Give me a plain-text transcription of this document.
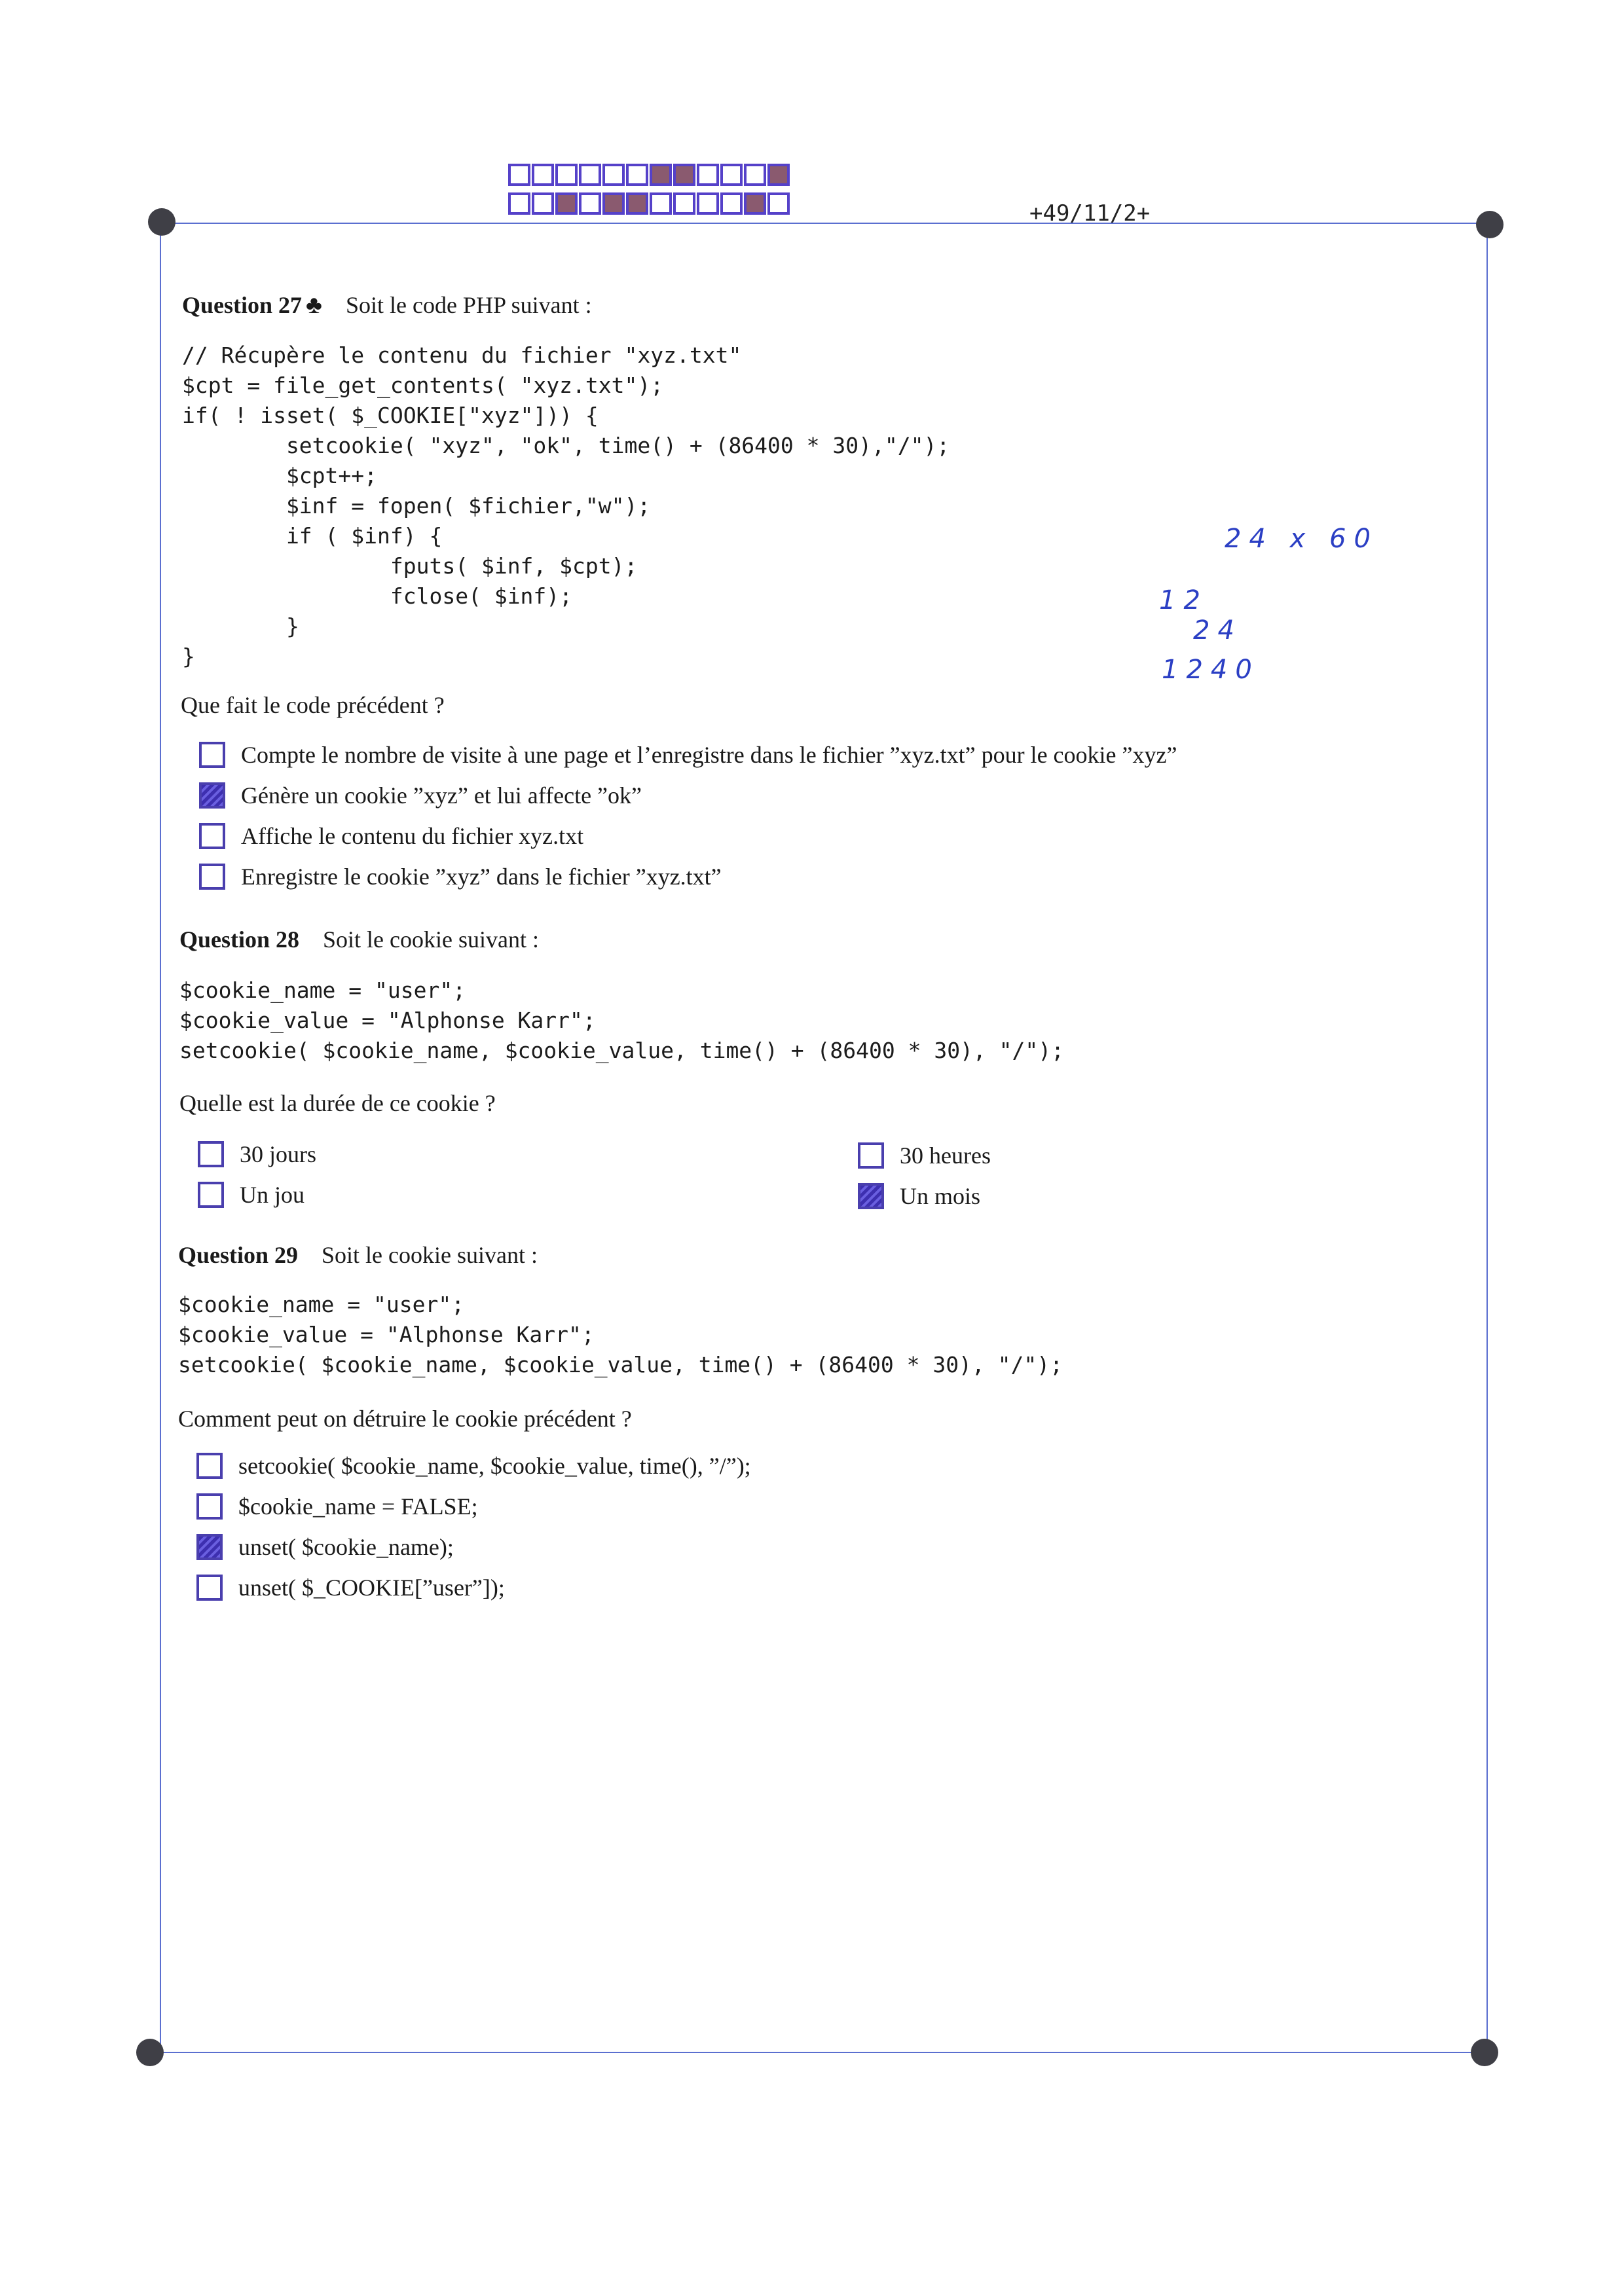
+49/11/2+
Question 27 ♣ Soit le code PHP suivant :
// Récupère le contenu du fichier "xyz.txt"
$cpt = file_get_contents( "xyz.txt");
if( ! isset( $_COOKIE["xyz"])) {
setcookie( "xyz", "ok", time() + (86400 * 30),"/");
$cpt++;
$inf = fopen( $fichier,"w");
if ( $inf) {
fputs( $inf, $cpt);
fclose( $inf);
}
}
24 x 60
12
24
1240
Que fait le code précédent ?
Compte le nombre de visite à une page et l’enregistre dans le fichier ”xyz.txt” pour le cookie ”xyz”
Génère un cookie ”xyz” et lui affecte ”ok”
Affiche le contenu du fichier xyz.txt
Enregistre le cookie ”xyz” dans le fichier ”xyz.txt”
Question 28 Soit le cookie suivant :
$cookie_name = "user";
$cookie_value = "Alphonse Karr";
setcookie( $cookie_name, $cookie_value, time() + (86400 * 30), "/");
Quelle est la durée de ce cookie ?
30 jours
Un jou
30 heures
Un mois
Question 29 Soit le cookie suivant :
$cookie_name = "user";
$cookie_value = "Alphonse Karr";
setcookie( $cookie_name, $cookie_value, time() + (86400 * 30), "/");
Comment peut on détruire le cookie précédent ?
setcookie( $cookie_name, $cookie_value, time(), ”/”);
$cookie_name = FALSE;
unset( $cookie_name);
unset( $_COOKIE[”user”]);
